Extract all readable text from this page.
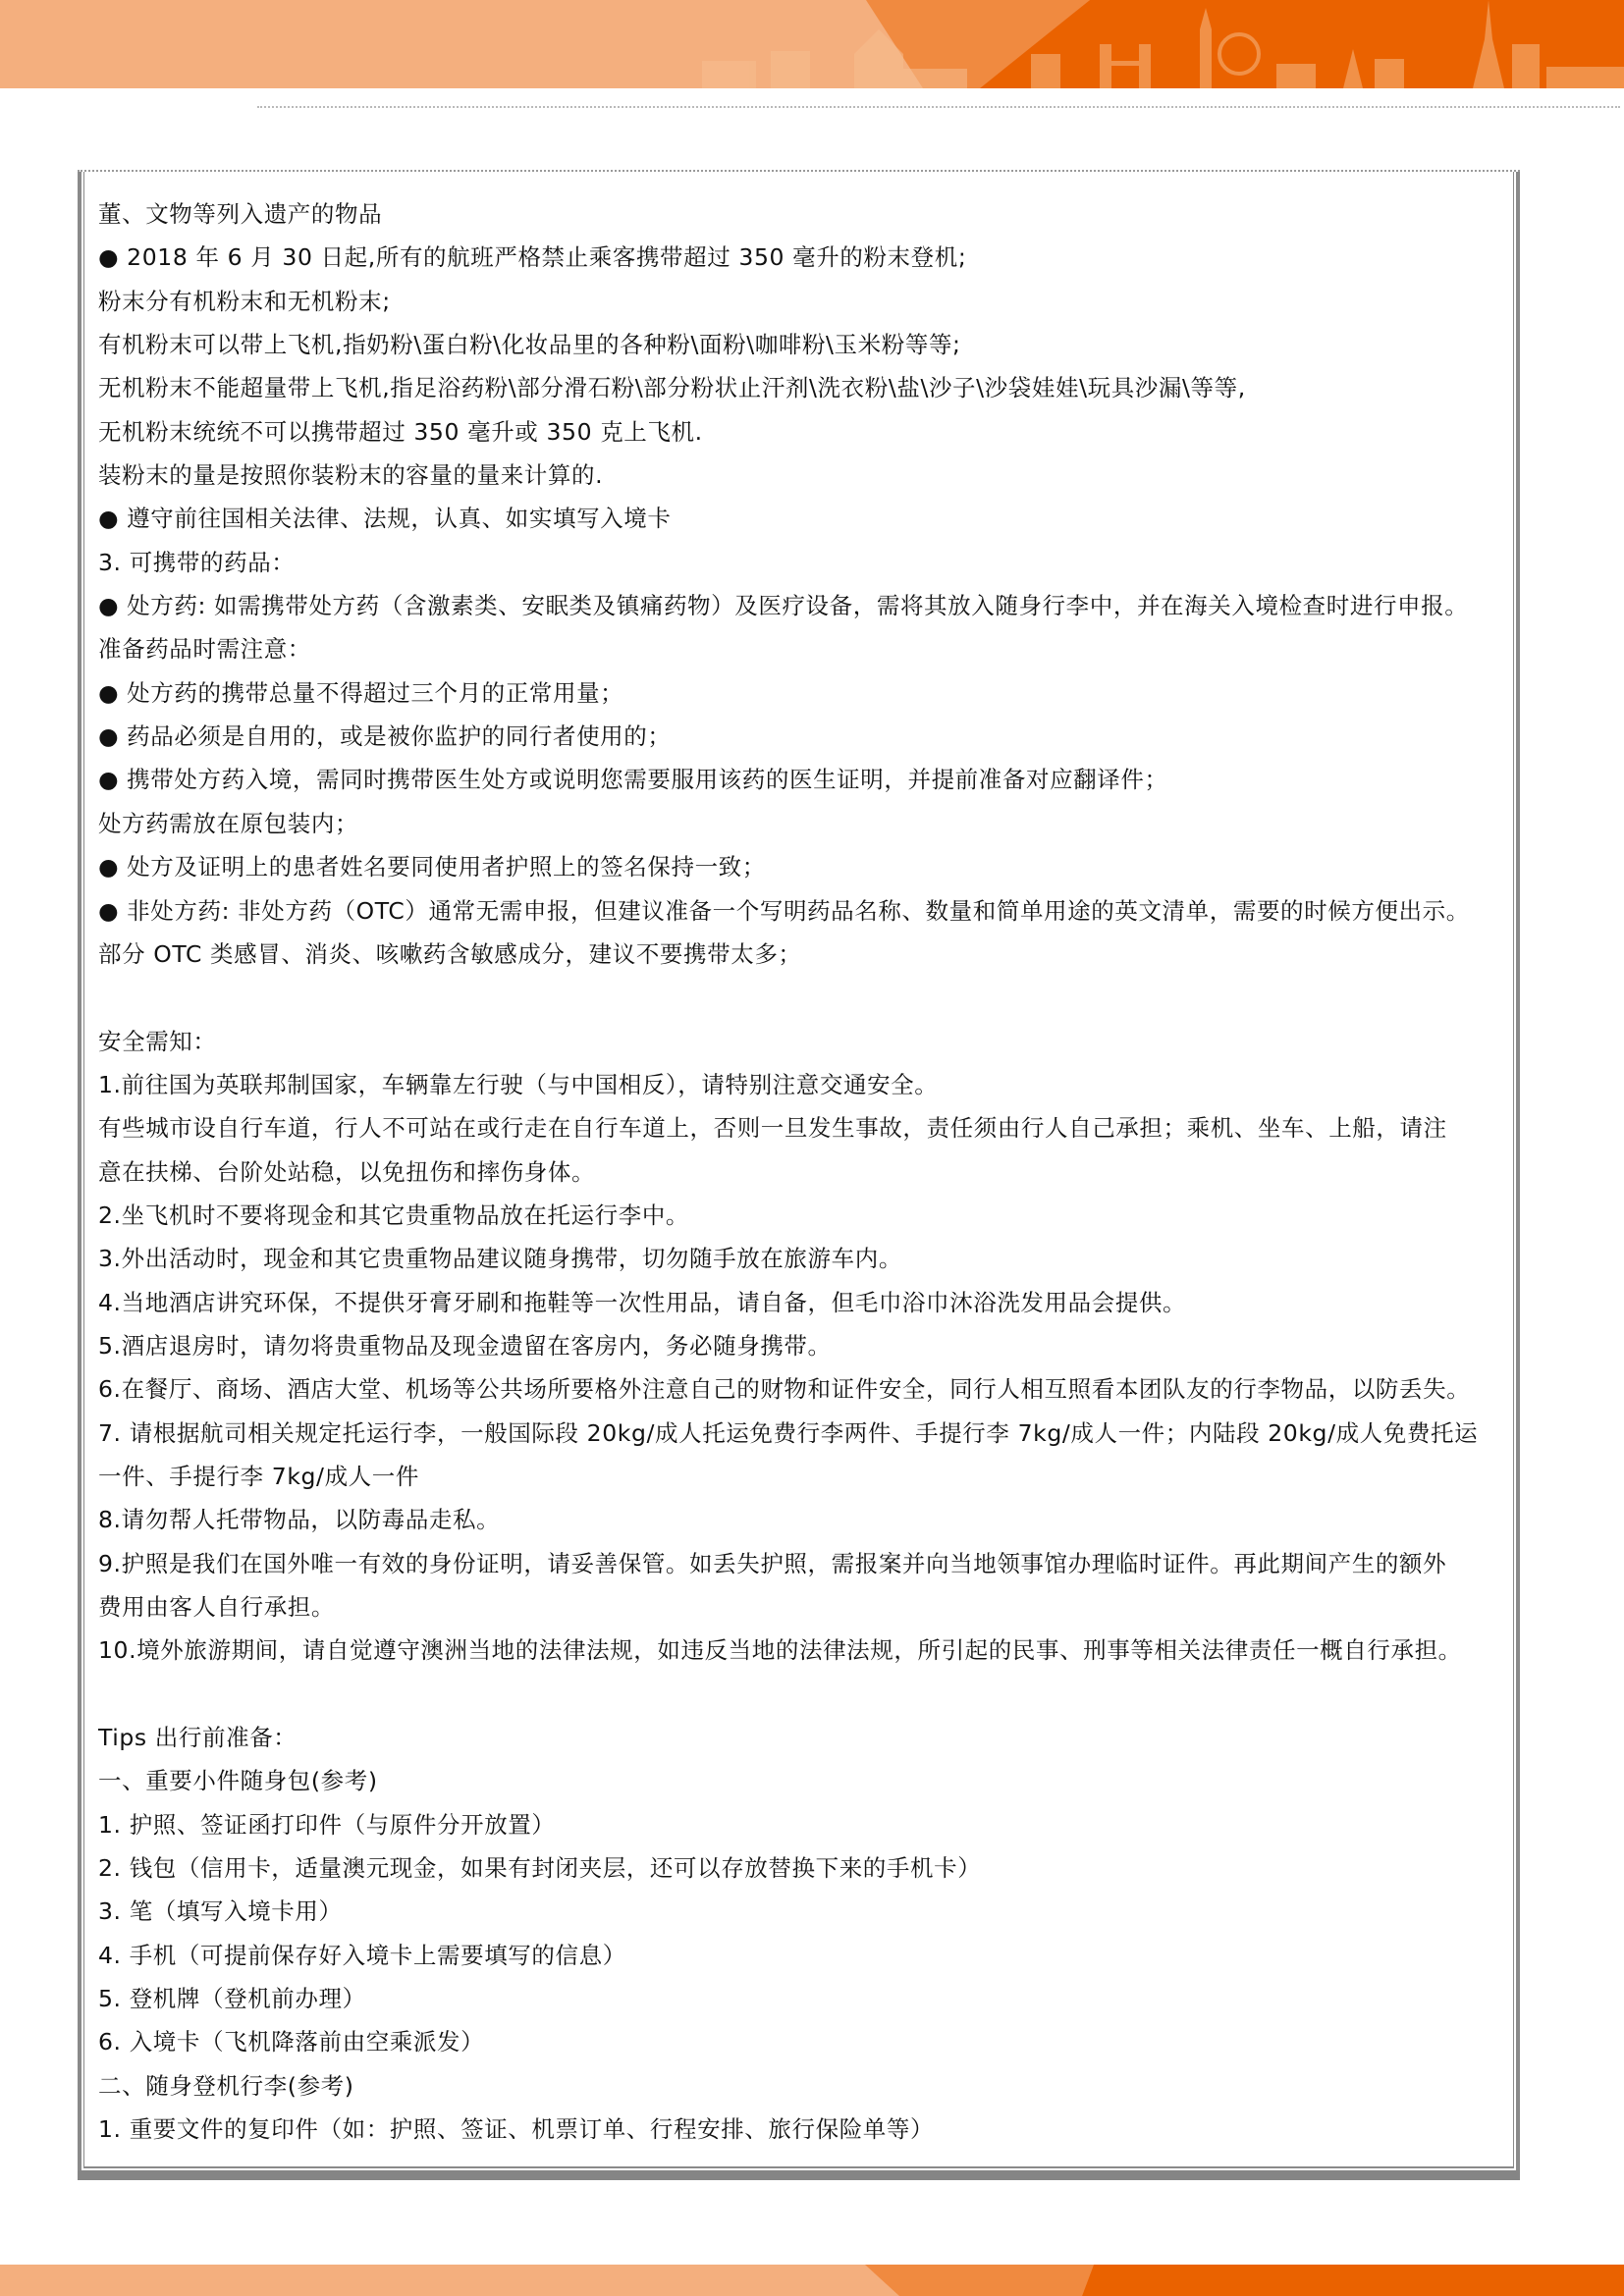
董、文物等列入遗产的物品
● 2018 年 6 月 30 日起,所有的航班严格禁止乘客携带超过 350 毫升的粉末登机;
粉末分有机粉末和无机粉末;
有机粉末可以带上飞机,指奶粉\蛋白粉\化妆品里的各种粉\面粉\咖啡粉\玉米粉等等;
无机粉末不能超量带上飞机,指足浴药粉\部分滑石粉\部分粉状止汗剂\洗衣粉\盐\沙子\沙袋娃娃\玩具沙漏\等等,
无机粉末统统不可以携带超过 350 毫升或 350 克上飞机.
装粉末的量是按照你装粉末的容量的量来计算的.
● 遵守前往国相关法律、法规，认真、如实填写入境卡
3. 可携带的药品：
● 处方药: 如需携带处方药（含激素类、安眠类及镇痛药物）及医疗设备，需将其放入随身行李中，并在海关入境检查时进行申报。
准备药品时需注意：
● 处方药的携带总量不得超过三个月的正常用量；
● 药品必须是自用的，或是被你监护的同行者使用的；
● 携带处方药入境，需同时携带医生处方或说明您需要服用该药的医生证明，并提前准备对应翻译件；
处方药需放在原包装内；
● 处方及证明上的患者姓名要同使用者护照上的签名保持一致；
● 非处方药: 非处方药（OTC）通常无需申报，但建议准备一个写明药品名称、数量和简单用途的英文清单，需要的时候方便出示。
部分 OTC 类感冒、消炎、咳嗽药含敏感成分，建议不要携带太多；
安全需知：
1.前往国为英联邦制国家，车辆靠左行驶（与中国相反），请特别注意交通安全。
有些城市设自行车道，行人不可站在或行走在自行车道上，否则一旦发生事故，责任须由行人自己承担；乘机、坐车、上船，请注
意在扶梯、台阶处站稳，以免扭伤和摔伤身体。
2.坐飞机时不要将现金和其它贵重物品放在托运行李中。
3.外出活动时，现金和其它贵重物品建议随身携带，切勿随手放在旅游车内。
4.当地酒店讲究环保，不提供牙膏牙刷和拖鞋等一次性用品，请自备，但毛巾浴巾沐浴洗发用品会提供。
5.酒店退房时，请勿将贵重物品及现金遗留在客房内，务必随身携带。
6.在餐厅、商场、酒店大堂、机场等公共场所要格外注意自己的财物和证件安全，同行人相互照看本团队友的行李物品，以防丢失。
7. 请根据航司相关规定托运行李，一般国际段 20kg/成人托运免费行李两件、手提行李 7kg/成人一件；内陆段 20kg/成人免费托运
一件、手提行李 7kg/成人一件
8.请勿帮人托带物品，以防毒品走私。
9.护照是我们在国外唯一有效的身份证明，请妥善保管。如丢失护照，需报案并向当地领事馆办理临时证件。再此期间产生的额外
费用由客人自行承担。
10.境外旅游期间，请自觉遵守澳洲当地的法律法规，如违反当地的法律法规，所引起的民事、刑事等相关法律责任一概自行承担。
Tips 出行前准备：
一、重要小件随身包(参考)
1. 护照、签证函打印件（与原件分开放置）
2. 钱包（信用卡，适量澳元现金，如果有封闭夹层，还可以存放替换下来的手机卡）
3. 笔（填写入境卡用）
4. 手机（可提前保存好入境卡上需要填写的信息）
5. 登机牌（登机前办理）
6. 入境卡（飞机降落前由空乘派发）
二、随身登机行李(参考)
1. 重要文件的复印件（如：护照、签证、机票订单、行程安排、旅行保险单等）
